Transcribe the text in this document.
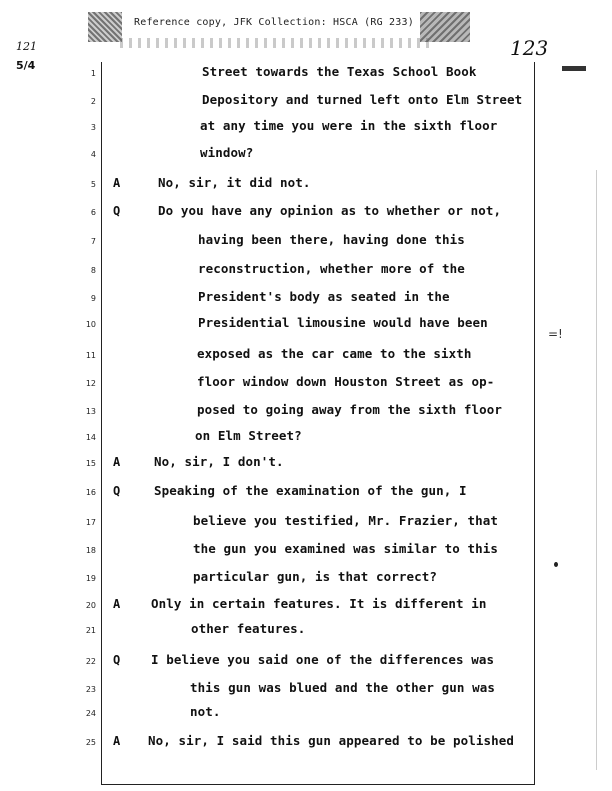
Reference copy, JFK Collection: HSCA (RG 233)
121
5/4
123
=!
1	Street towards the Texas School Book
2	Depository and turned left onto Elm Street
3	at any time you were in the sixth floor
4	window?
5 A	No, sir, it did not.
6 Q	Do you have any opinion as to whether or not,
7	having been there, having done this
8	reconstruction, whether more of the
9	President's body as seated in the
10	Presidential limousine would have been
11	exposed as the car came to the sixth
12	floor window down Houston Street as op-
13	posed to going away from the sixth floor
14	on Elm Street?
15 A	No, sir, I don't.
16 Q	Speaking of the examination of the gun, I
17	believe you testified, Mr. Frazier, that
18	the gun you examined was similar to this
19	particular gun, is that correct?
20 A Only in certain features. It is different in
21	other features.
22 Q I believe you said one of the differences was
23	this gun was blued and the other gun was
24	not.
25 A No, sir, I said this gun appeared to be polished
